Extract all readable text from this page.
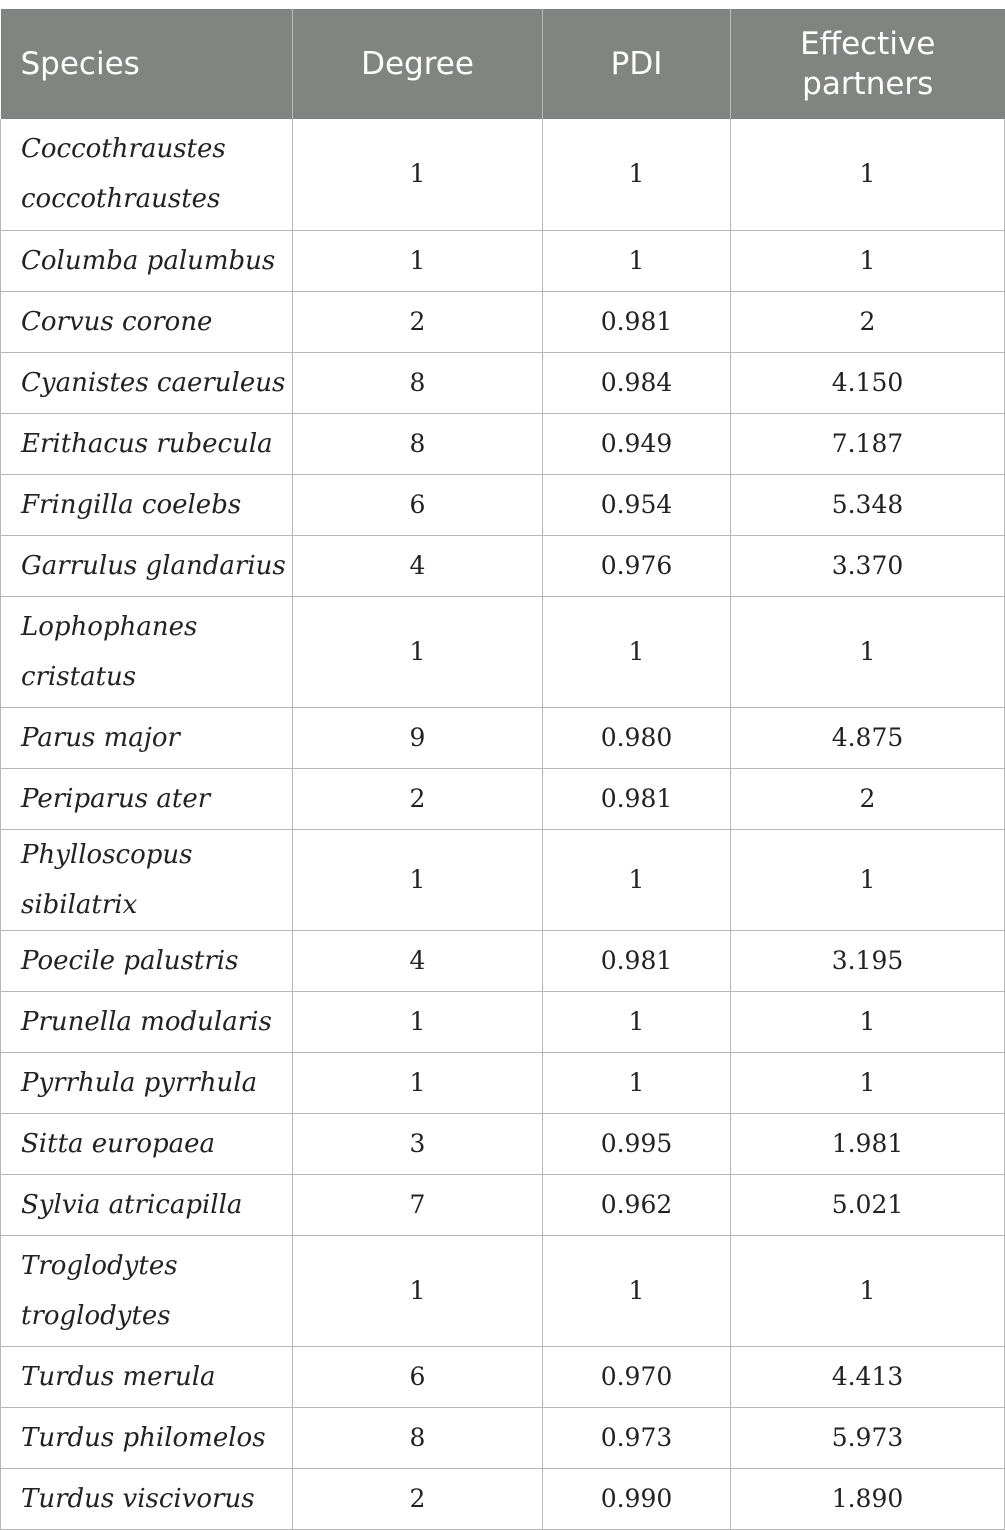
Species	Degree	PDI	Effective
partners
Coccothraustes
coccothraustes	1	1	1
Columba palumbus	1	1	1
Corvus corone	2	0.981	2
Cyanistes caeruleus	8	0.984	4.150
Erithacus rubecula	8	0.949	7.187
Fringilla coelebs	6	0.954	5.348
Garrulus glandarius	4	0.976	3.370
Lophophanes
cristatus	1	1	1
Parus major	9	0.980	4.875
Periparus ater	2	0.981	2
Phylloscopus sibilatrix	1	1	1
Poecile palustris	4	0.981	3.195
Prunella modularis	1	1	1
Pyrrhula pyrrhula	1	1	1
Sitta europaea	3	0.995	1.981
Sylvia atricapilla	7	0.962	5.021
Troglodytes
troglodytes	1	1	1
Turdus merula	6	0.970	4.413
Turdus philomelos	8	0.973	5.973
Turdus viscivorus	2	0.990	1.890
